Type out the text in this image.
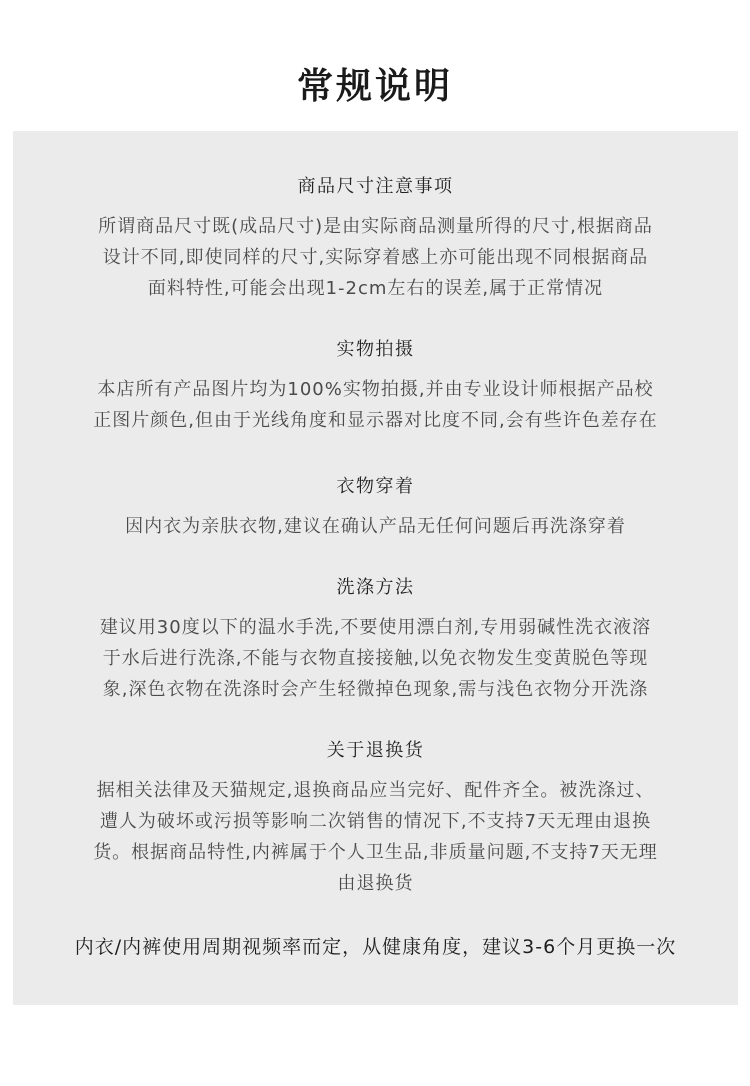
常规说明
商品尺寸注意事项
所谓商品尺寸既(成品尺寸)是由实际商品测量所得的尺寸,根据商品
设计不同,即使同样的尺寸,实际穿着感上亦可能出现不同根据商品
面料特性,可能会出现1-2cm左右的误差,属于正常情况
实物拍摄
本店所有产品图片均为100%实物拍摄,并由专业设计师根据产品校
正图片颜色,但由于光线角度和显示器对比度不同,会有些许色差存在
衣物穿着
因内衣为亲肤衣物,建议在确认产品无任何问题后再洗涤穿着
洗涤方法
建议用30度以下的温水手洗,不要使用漂白剂,专用弱碱性洗衣液溶
于水后进行洗涤,不能与衣物直接接触,以免衣物发生变黄脱色等现
象,深色衣物在洗涤时会产生轻微掉色现象,需与浅色衣物分开洗涤
关于退换货
据相关法律及天猫规定,退换商品应当完好、配件齐全。被洗涤过、
遭人为破坏或污损等影响二次销售的情况下,不支持7天无理由退换
货。根据商品特性,内裤属于个人卫生品,非质量问题,不支持7天无理
由退换货
内衣/内裤使用周期视频率而定，从健康角度，建议3-6个月更换一次
